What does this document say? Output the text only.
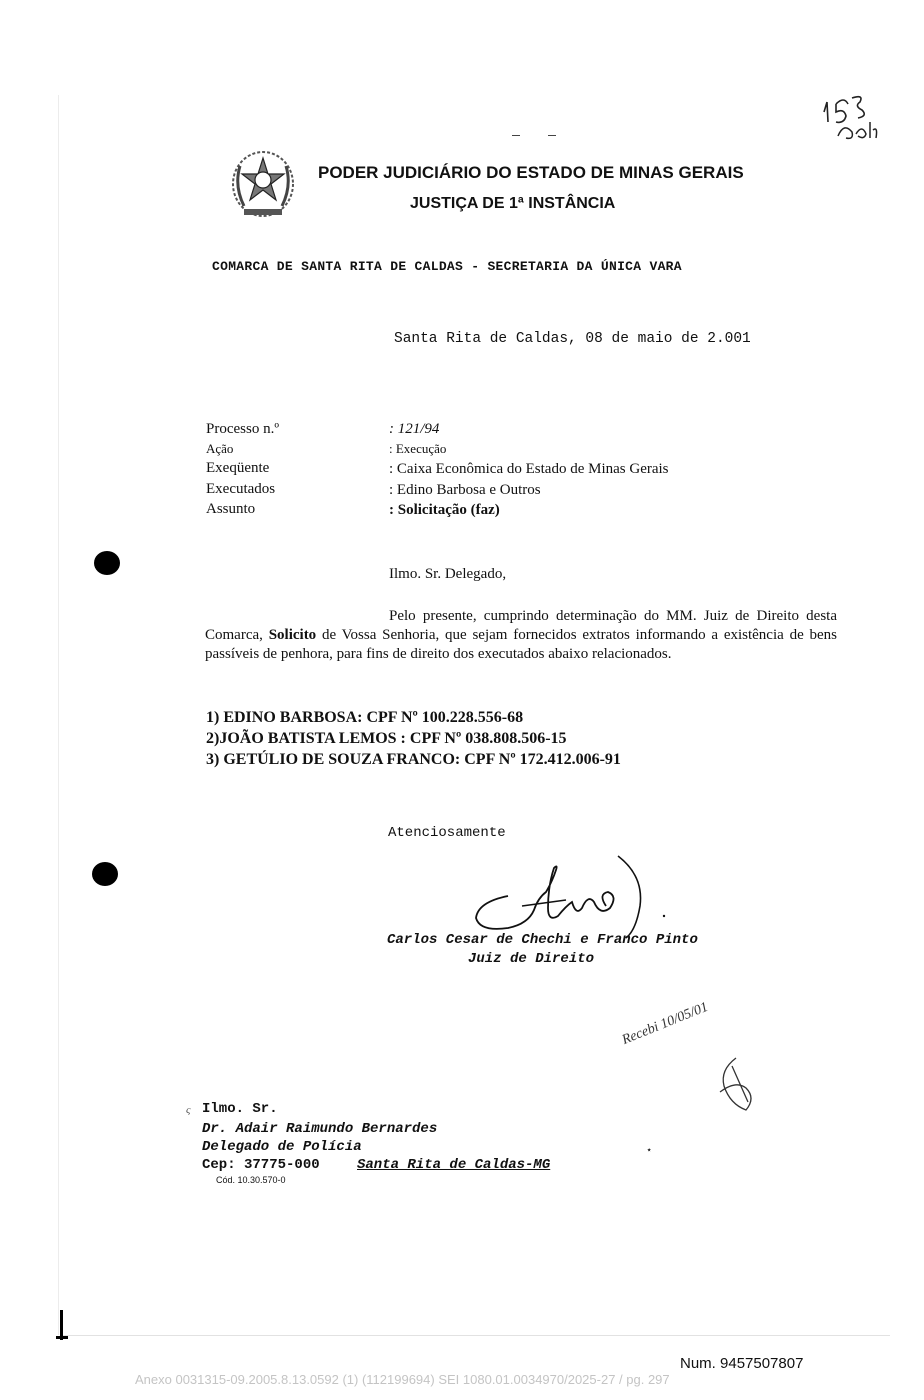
PODER JUDICIÁRIO DO ESTADO DE MINAS GERAIS
JUSTIÇA DE 1ª INSTÂNCIA
COMARCA DE SANTA RITA DE CALDAS - SECRETARIA DA ÚNICA VARA
Santa Rita de Caldas, 08 de maio de 2.001
Processo n.º	: 121/94
Ação	: Execução
Exeqüente	: Caixa Econômica do Estado de Minas Gerais
Executados	: Edino Barbosa e Outros
Assunto	: Solicitação (faz)
Ilmo. Sr. Delegado,

Pelo presente, cumprindo determinação do MM. Juiz de Direito desta Comarca, Solicito de Vossa Senhoria, que sejam fornecidos extratos informando a existência de bens passíveis de penhora, para fins de direito dos executados abaixo relacionados.

1) EDINO BARBOSA: CPF Nº 100.228.556-68
2)JOÃO BATISTA LEMOS : CPF Nº 038.808.506-15
3) GETÚLIO DE SOUZA FRANCO: CPF Nº 172.412.006-91
Atenciosamente
Carlos Cesar de Chechi e Franco Pinto
Juiz de Direito
Recebi 10/05/01
ς Ilmo. Sr.
Dr. Adair Raimundo Bernardes
Delegado de Polícia
Cep: 37775-000	Santa Rita de Caldas-MG
Cód. 10.30.570-0
⋆
Num. 9457507807
Anexo 0031315-09.2005.8.13.0592 (1) (112199694) SEI 1080.01.0034970/2025-27 / pg. 297
